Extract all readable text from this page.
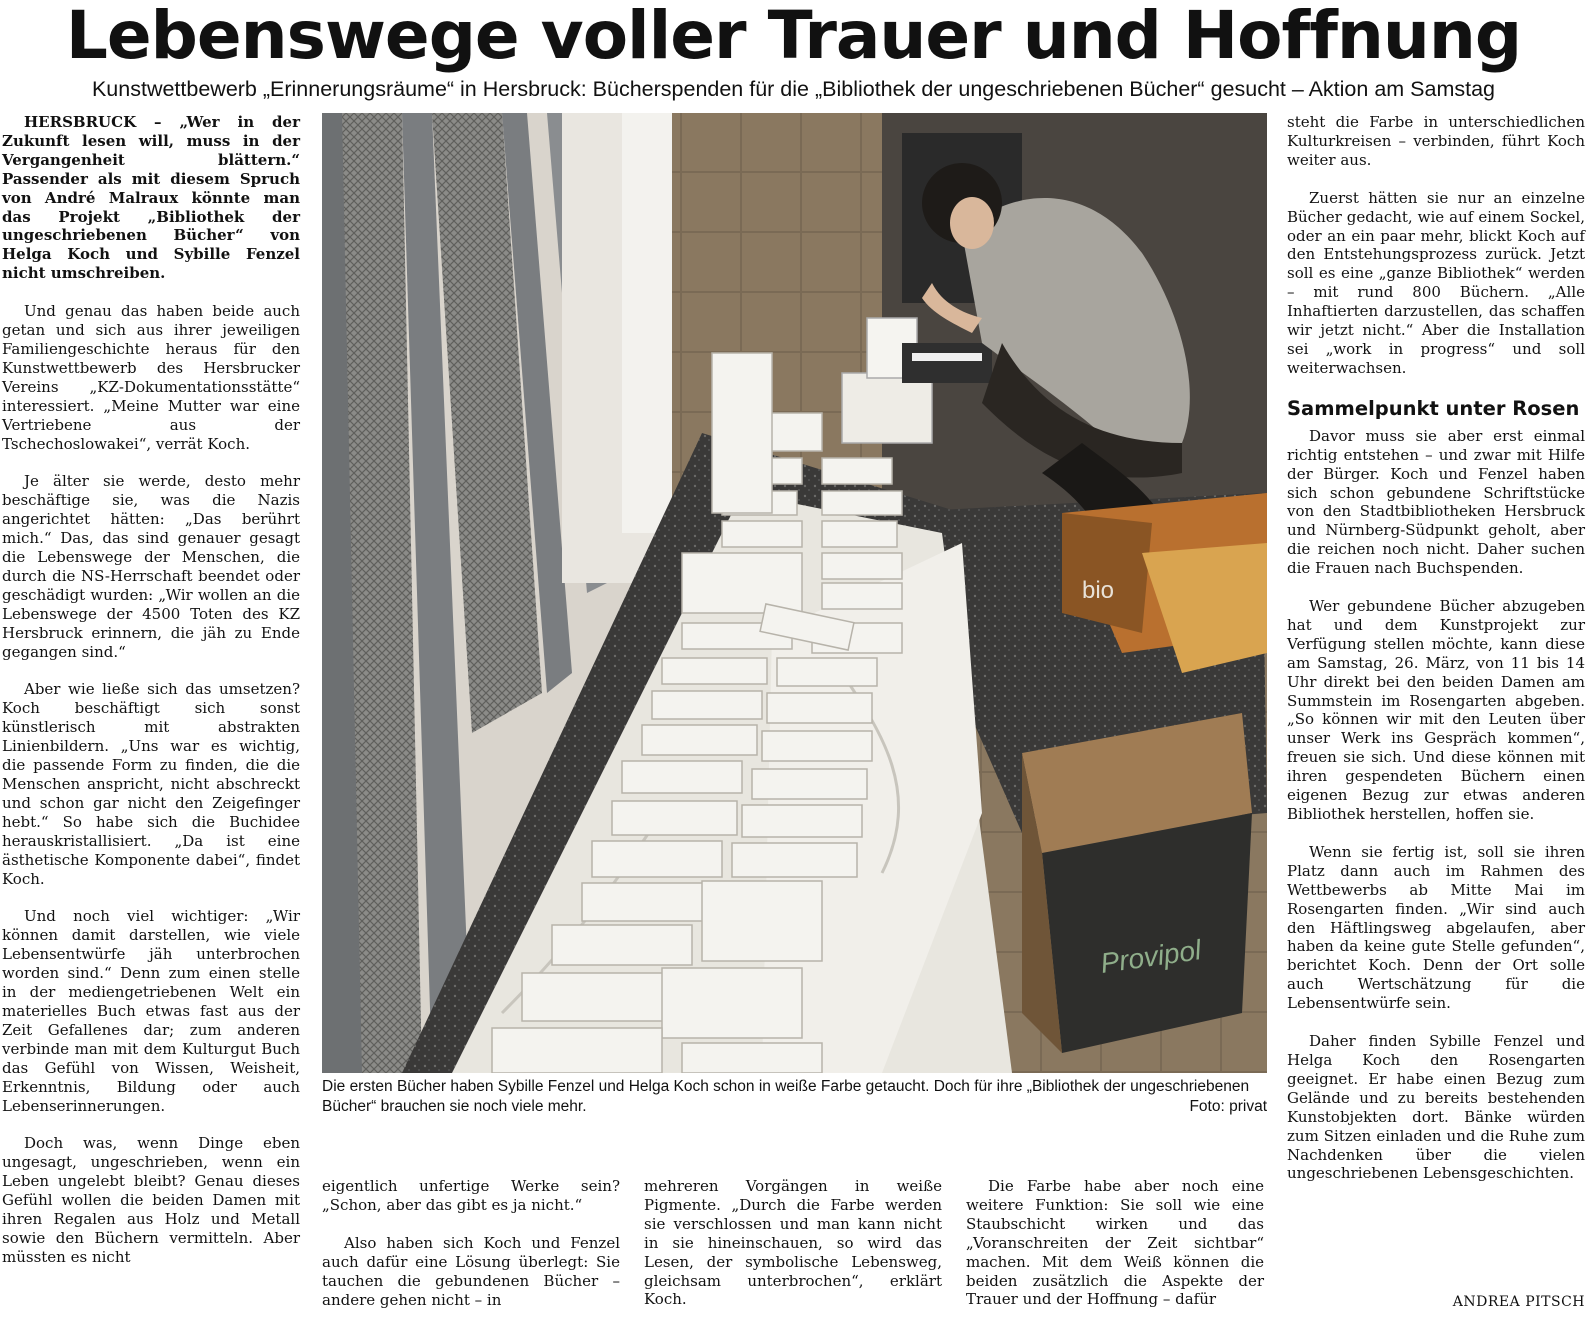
Lebenswege voller Trauer und Hoffnung
Kunstwettbewerb „Erinnerungsräume“ in Hersbruck: Bücherspenden für die „Bibliothek der ungeschriebenen Bücher“ gesucht – Aktion am Samstag

HERSBRUCK – „Wer in der Zukunft lesen will, muss in der Vergangenheit blättern.“ Passender als mit diesem Spruch von André Malraux könnte man das Projekt „Bibliothek der ungeschriebenen Bücher“ von Helga Koch und Sybille Fenzel nicht umschreiben.

Und genau das haben beide auch getan und sich aus ihrer jeweiligen Familiengeschichte heraus für den Kunstwettbewerb des Hersbrucker Vereins „KZ-Dokumentationsstätte“ interessiert. „Meine Mutter war eine Vertriebene aus der Tschechoslowakei“, verrät Koch.

Je älter sie werde, desto mehr beschäftige sie, was die Nazis angerichtet hätten: „Das berührt mich.“ Das, das sind genauer gesagt die Lebenswege der Menschen, die durch die NS-Herrschaft beendet oder geschädigt wurden: „Wir wollen an die Lebenswege der 4500 Toten des KZ Hersbruck erinnern, die jäh zu Ende gegangen sind.“

Aber wie ließe sich das umsetzen? Koch beschäftigt sich sonst künstlerisch mit abstrakten Linienbildern. „Uns war es wichtig, die passende Form zu finden, die die Menschen anspricht, nicht abschreckt und schon gar nicht den Zeigefinger hebt.“ So habe sich die Buchidee herauskristallisiert. „Da ist eine ästhetische Komponente dabei“, findet Koch.

Und noch viel wichtiger: „Wir können damit darstellen, wie viele Lebensentwürfe jäh unterbrochen worden sind.“ Denn zum einen stelle in der mediengetriebenen Welt ein materielles Buch etwas fast aus der Zeit Gefallenes dar; zum anderen verbinde man mit dem Kulturgut Buch das Gefühl von Wissen, Weisheit, Erkenntnis, Bildung oder auch Lebenserinnerungen.

Doch was, wenn Dinge eben ungesagt, ungeschrieben, wenn ein Leben ungelebt bleibt? Genau dieses Gefühl wollen die beiden Damen mit ihren Regalen aus Holz und Metall sowie den Büchern vermitteln. Aber müssten es nicht

bio
Provipol
Die ersten Bücher haben Sybille Fenzel und Helga Koch schon in weiße Farbe getaucht. Doch für ihre „Bibliothek der ungeschriebenen Bücher“ brauchen sie noch viele mehr.	Foto: privat

eigentlich unfertige Werke sein? „Schon, aber das gibt es ja nicht.“

Also haben sich Koch und Fenzel auch dafür eine Lösung überlegt: Sie tauchen die gebundenen Bücher – andere gehen nicht – in

mehreren Vorgängen in weiße Pigmente. „Durch die Farbe werden sie verschlossen und man kann nicht in sie hineinschauen, so wird das Lesen, der symbolische Lebensweg, gleichsam unterbrochen“, erklärt Koch.

Die Farbe habe aber noch eine weitere Funktion: Sie soll wie eine Staubschicht wirken und das „Voranschreiten der Zeit sichtbar“ machen. Mit dem Weiß können die beiden zusätzlich die Aspekte der Trauer und der Hoffnung – dafür

steht die Farbe in unterschiedlichen Kulturkreisen – verbinden, führt Koch weiter aus.

Zuerst hätten sie nur an einzelne Bücher gedacht, wie auf einem Sockel, oder an ein paar mehr, blickt Koch auf den Entstehungsprozess zurück. Jetzt soll es eine „ganze Bibliothek“ werden – mit rund 800 Büchern. „Alle Inhaftierten darzustellen, das schaffen wir jetzt nicht.“ Aber die Installation sei „work in progress“ und soll weiterwachsen.

Sammelpunkt unter Rosen

Davor muss sie aber erst einmal richtig entstehen – und zwar mit Hilfe der Bürger. Koch und Fenzel haben sich schon gebundene Schriftstücke von den Stadtbibliotheken Hersbruck und Nürnberg-Südpunkt geholt, aber die reichen noch nicht. Daher suchen die Frauen nach Buchspenden.

Wer gebundene Bücher abzugeben hat und dem Kunstprojekt zur Verfügung stellen möchte, kann diese am Samstag, 26. März, von 11 bis 14 Uhr direkt bei den beiden Damen am Summstein im Rosengarten abgeben. „So können wir mit den Leuten über unser Werk ins Gespräch kommen“, freuen sie sich. Und diese können mit ihren gespendeten Büchern einen eigenen Bezug zur etwas anderen Bibliothek herstellen, hoffen sie.

Wenn sie fertig ist, soll sie ihren Platz dann auch im Rahmen des Wettbewerbs ab Mitte Mai im Rosengarten finden. „Wir sind auch den Häftlingsweg abgelaufen, aber haben da keine gute Stelle gefunden“, berichtet Koch. Denn der Ort solle auch Wertschätzung für die Lebensentwürfe sein.

Daher finden Sybille Fenzel und Helga Koch den Rosengarten geeignet. Er habe einen Bezug zum Gelände und zu bereits bestehenden Kunstobjekten dort. Bänke würden zum Sitzen einladen und die Ruhe zum Nachdenken über die vielen ungeschriebenen Lebensgeschichten.

ANDREA PITSCH
